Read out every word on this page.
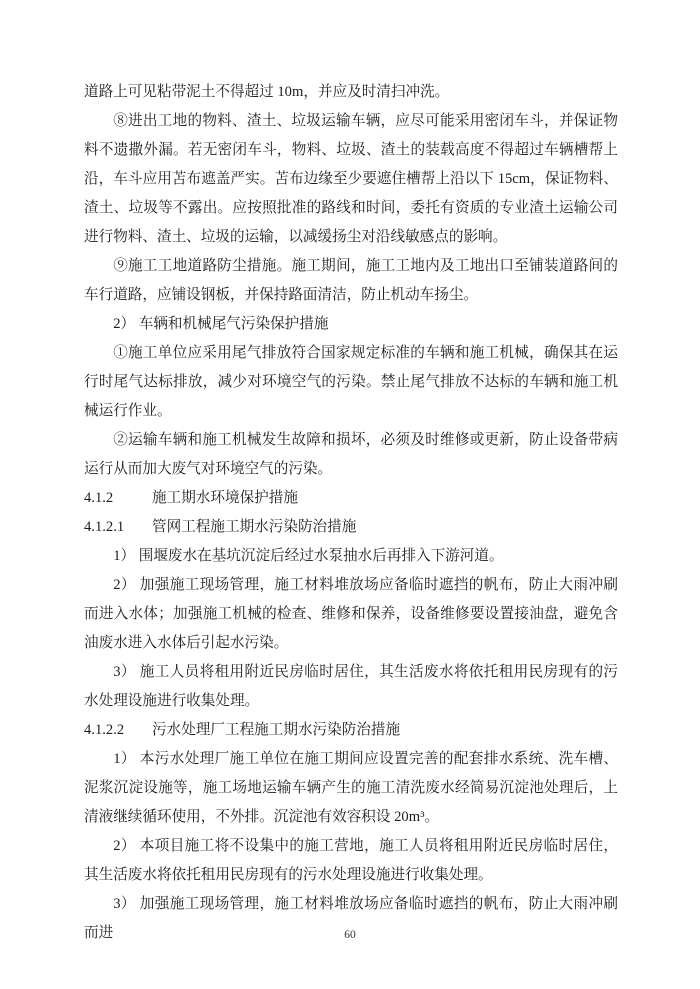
道路上可见粘带泥土不得超过 10m，并应及时清扫冲洗。

⑧进出工地的物料、渣土、垃圾运输车辆，应尽可能采用密闭车斗，并保证物料不遗撒外漏。若无密闭车斗，物料、垃圾、渣土的装载高度不得超过车辆槽帮上沿，车斗应用苫布遮盖严实。苫布边缘至少要遮住槽帮上沿以下 15cm，保证物料、渣土、垃圾等不露出。应按照批准的路线和时间，委托有资质的专业渣土运输公司进行物料、渣土、垃圾的运输，以减缓扬尘对沿线敏感点的影响。

⑨施工工地道路防尘措施。施工期间，施工工地内及工地出口至铺装道路间的车行道路，应铺设钢板，并保持路面清洁，防止机动车扬尘。

2） 车辆和机械尾气污染保护措施

①施工单位应采用尾气排放符合国家规定标准的车辆和施工机械，确保其在运行时尾气达标排放，减少对环境空气的污染。禁止尾气排放不达标的车辆和施工机械运行作业。

②运输车辆和施工机械发生故障和损坏，必须及时维修或更新，防止设备带病运行从而加大废气对环境空气的污染。

4.1.2	施工期水环境保护措施

4.1.2.1 管网工程施工期水污染防治措施

1） 围堰废水在基坑沉淀后经过水泵抽水后再排入下游河道。

2） 加强施工现场管理，施工材料堆放场应备临时遮挡的帆布，防止大雨冲刷而进入水体；加强施工机械的检查、维修和保养，设备维修要设置接油盘，避免含油废水进入水体后引起水污染。

3） 施工人员将租用附近民房临时居住，其生活废水将依托租用民房现有的污水处理设施进行收集处理。

4.1.2.2 污水处理厂工程施工期水污染防治措施

1） 本污水处理厂施工单位在施工期间应设置完善的配套排水系统、洗车槽、泥浆沉淀设施等，施工场地运输车辆产生的施工清洗废水经简易沉淀池处理后，上清液继续循环使用，不外排。沉淀池有效容积设 20m³。

2） 本项目施工将不设集中的施工营地，施工人员将租用附近民房临时居住，其生活废水将依托租用民房现有的污水处理设施进行收集处理。

3） 加强施工现场管理，施工材料堆放场应备临时遮挡的帆布，防止大雨冲刷而进	60
